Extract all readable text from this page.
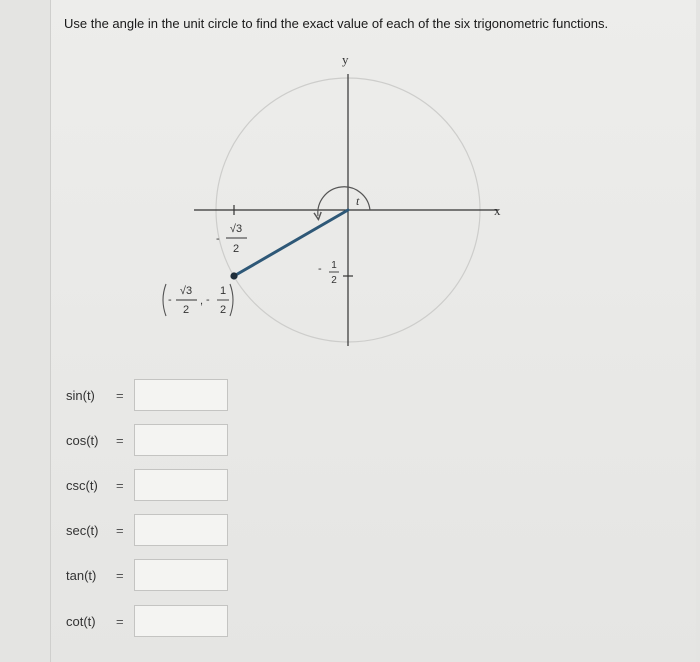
Use the angle in the unit circle to find the exact value of each of the six trigonometric functions.
y
x
t
-
√3
2
- 1
2
-
√3
2
, -
1
2
sin(t)	=
cos(t)	=
csc(t)	=
sec(t)	=
tan(t)	=
cot(t)	=
